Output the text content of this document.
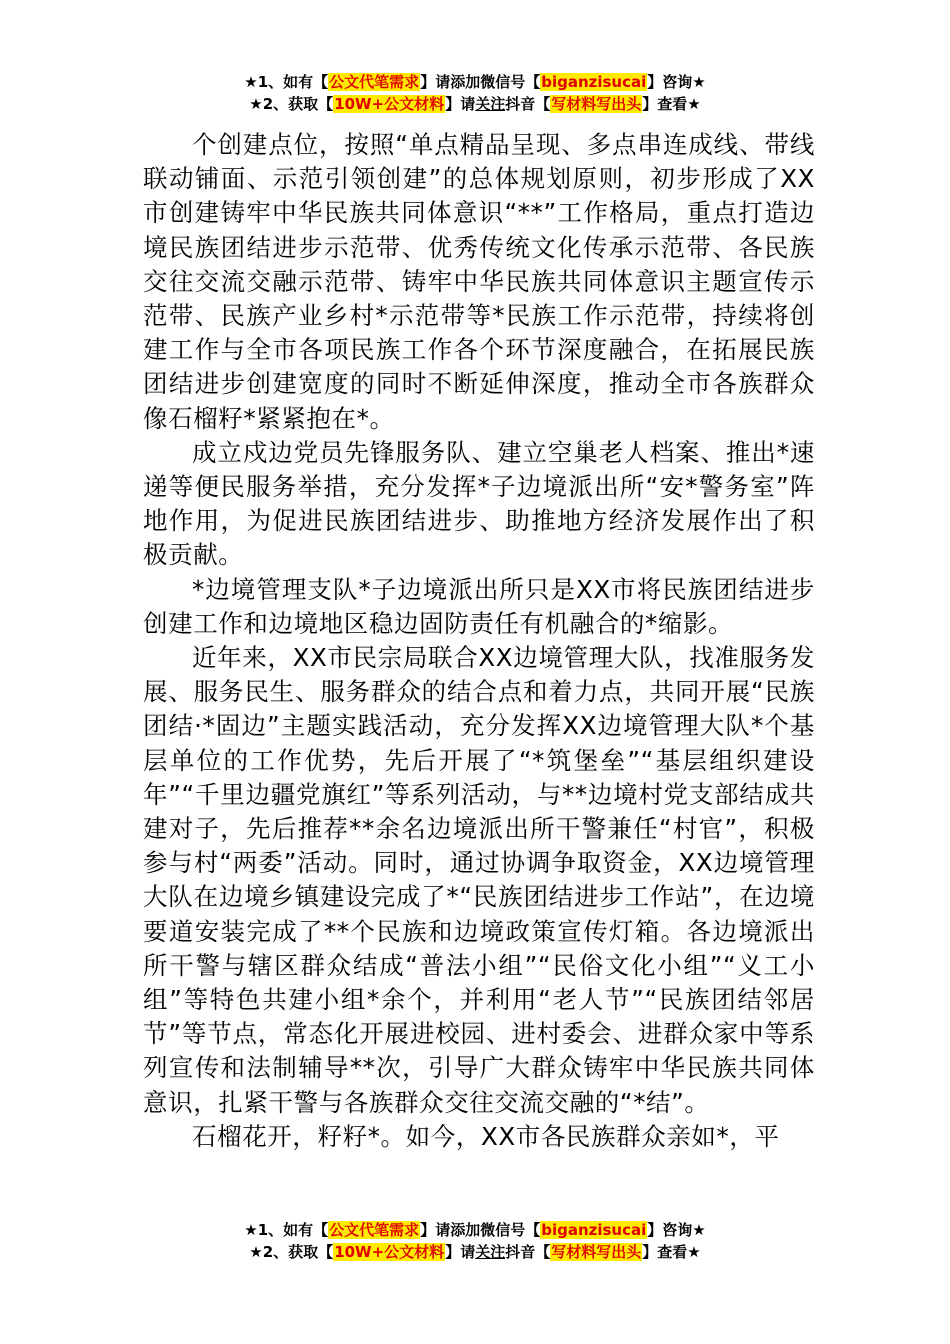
★1、如有【公文代笔需求】请添加微信号【biganzisucai】咨询★
★2、获取【10W+公文材料】请关注抖音【写材料写出头】查看★

个创建点位，按照“单点精品呈现、多点串连成线、带线联动铺面、示范引领创建”的总体规划原则，初步形成了XX市创建铸牢中华民族共同体意识“**”工作格局，重点打造边境民族团结进步示范带、优秀传统文化传承示范带、各民族交往交流交融示范带、铸牢中华民族共同体意识主题宣传示范带、民族产业乡村*示范带等*民族工作示范带，持续将创建工作与全市各项民族工作各个环节深度融合，在拓展民族团结进步创建宽度的同时不断延伸深度，推动全市各族群众像石榴籽*紧紧抱在*。

成立戍边党员先锋服务队、建立空巢老人档案、推出*速递等便民服务举措，充分发挥*子边境派出所“安*警务室”阵地作用，为促进民族团结进步、助推地方经济发展作出了积极贡献。

*边境管理支队*子边境派出所只是XX市将民族团结进步创建工作和边境地区稳边固防责任有机融合的*缩影。

近年来，XX市民宗局联合XX边境管理大队，找准服务发展、服务民生、服务群众的结合点和着力点，共同开展“民族团结·*固边”主题实践活动，充分发挥XX边境管理大队*个基层单位的工作优势，先后开展了“*筑堡垒”“基层组织建设年”“千里边疆党旗红”等系列活动，与**边境村党支部结成共建对子，先后推荐**余名边境派出所干警兼任“村官”，积极参与村“两委”活动。同时，通过协调争取资金，XX边境管理大队在边境乡镇建设完成了*“民族团结进步工作站”，在边境要道安装完成了**个民族和边境政策宣传灯箱。各边境派出所干警与辖区群众结成“普法小组”“民俗文化小组”“义工小组”等特色共建小组*余个，并利用“老人节”“民族团结邻居节”等节点，常态化开展进校园、进村委会、进群众家中等系列宣传和法制辅导**次，引导广大群众铸牢中华民族共同体意识，扎紧干警与各族群众交往交流交融的“*结”。

石榴花开，籽籽*。如今，XX市各民族群众亲如*，平

★1、如有【公文代笔需求】请添加微信号【biganzisucai】咨询★
★2、获取【10W+公文材料】请关注抖音【写材料写出头】查看★
